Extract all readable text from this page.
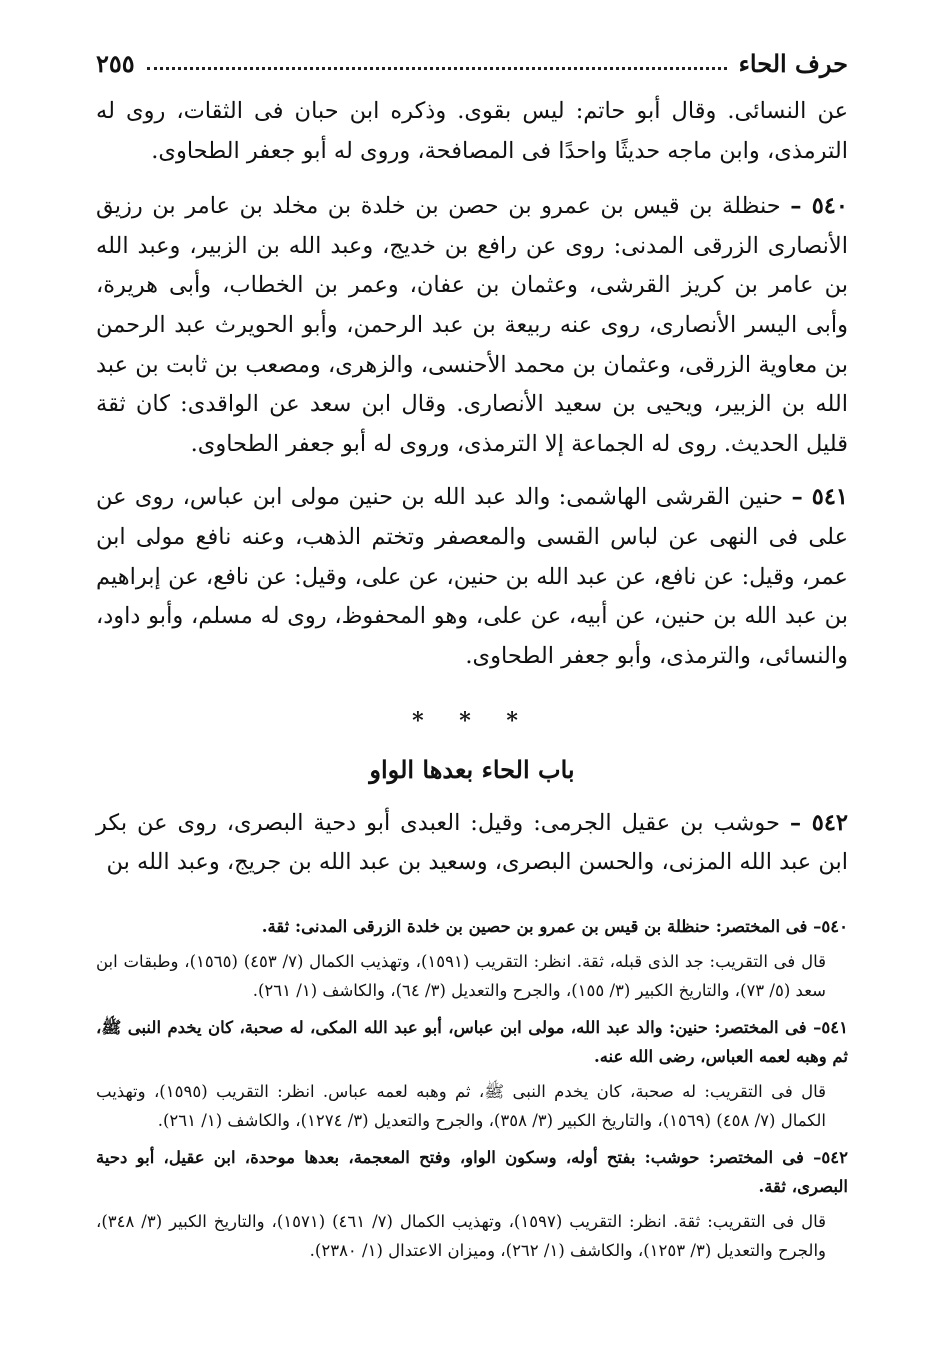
حرف الحاء
٢٥٥

عن النسائى. وقال أبو حاتم: ليس بقوى. وذكره ابن حبان فى الثقات، روى له الترمذى، وابن ماجه حديثًا واحدًا فى المصافحة، وروى له أبو جعفر الطحاوى.

٥٤٠ – حنظلة بن قيس بن عمرو بن حصن بن خلدة بن مخلد بن عامر بن رزيق الأنصارى الزرقى المدنى: روى عن رافع بن خديج، وعبد الله بن الزبير، وعبد الله بن عامر بن كريز القرشى، وعثمان بن عفان، وعمر بن الخطاب، وأبى هريرة، وأبى اليسر الأنصارى، روى عنه ربيعة بن عبد الرحمن، وأبو الحويرث عبد الرحمن بن معاوية الزرقى، وعثمان بن محمد الأحنسى، والزهرى، ومصعب بن ثابت بن عبد الله بن الزبير، ويحيى بن سعيد الأنصارى. وقال ابن سعد عن الواقدى: كان ثقة قليل الحديث. روى له الجماعة إلا الترمذى، وروى له أبو جعفر الطحاوى.

٥٤١ – حنين القرشى الهاشمى: والد عبد الله بن حنين مولى ابن عباس، روى عن على فى النهى عن لباس القسى والمعصفر وتختم الذهب، وعنه نافع مولى ابن عمر، وقيل: عن نافع، عن عبد الله بن حنين، عن على، وقيل: عن نافع، عن إبراهيم بن عبد الله بن حنين، عن أبيه، عن على، وهو المحفوظ، روى له مسلم، وأبو داود، والنسائى، والترمذى، وأبو جعفر الطحاوى.

* * *

باب الحاء بعدها الواو

٥٤٢ – حوشب بن عقيل الجرمى: وقيل: العبدى أبو دحية البصرى، روى عن بكر ابن عبد الله المزنى، والحسن البصرى، وسعيد بن عبد الله بن جريج، وعبد الله بن

٥٤٠– فى المختصر: حنظلة بن قيس بن عمرو بن حصين بن خلدة الزرقى المدنى: ثقة.

قال فى التقريب: جد الذى قبله، ثقة. انظر: التقريب (١٥٩١)، وتهذيب الكمال (٧/ ٤٥٣) (١٥٦٥)، وطبقات ابن سعد (٥/ ٧٣)، والتاريخ الكبير (٣/ ١٥٥)، والجرح والتعديل (٣/ ٦٤)، والكاشف (١/ ٢٦١).

٥٤١– فى المختصر: حنين: والد عبد الله، مولى ابن عباس، أبو عبد الله المكى، له صحبة، كان يخدم النبى ﷺ، ثم وهبه لعمه العباس، رضى الله عنه.

قال فى التقريب: له صحبة، كان يخدم النبى ﷺ، ثم وهبه لعمه عباس. انظر: التقريب (١٥٩٥)، وتهذيب الكمال (٧/ ٤٥٨) (١٥٦٩)، والتاريخ الكبير (٣/ ٣٥٨)، والجرح والتعديل (٣/ ١٢٧٤)، والكاشف (١/ ٢٦١).

٥٤٢– فى المختصر: حوشب: بفتح أوله، وسكون الواو، وفتح المعجمة، بعدها موحدة، ابن عقيل، أبو دحية البصرى، ثقة.

قال فى التقريب: ثقة. انظر: التقريب (١٥٩٧)، وتهذيب الكمال (٧/ ٤٦١) (١٥٧١)، والتاريخ الكبير (٣/ ٣٤٨)، والجرح والتعديل (٣/ ١٢٥٣)، والكاشف (١/ ٢٦٢)، وميزان الاعتدال (١/ ٢٣٨٠).
